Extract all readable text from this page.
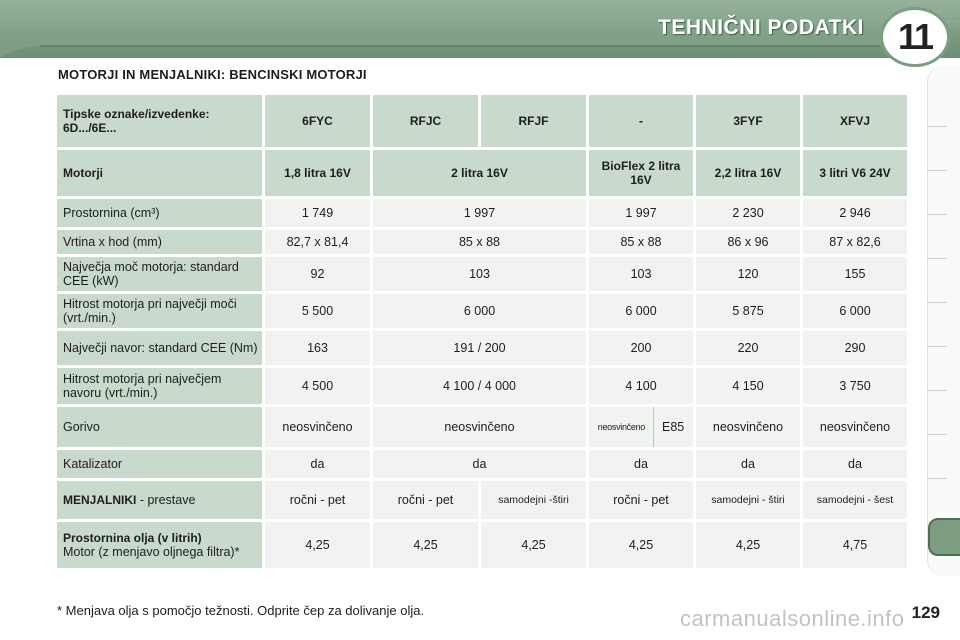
TEHNIČNI PODATKI 11
MOTORJI IN MENJALNIKI: BENCINSKI MOTORJI
Tipske oznake/izvedenke: 6D.../6E...	6FYC	RFJC	RFJF	-	3FYF	XFVJ
Motorji	1,8 litra 16V	2 litra 16V		BioFlex 2 litra 16V	2,2 litra 16V	3 litri V6 24V
Prostornina (cm³)	1 749	1 997		1 997	2 230	2 946
Vrtina x hod (mm)	82,7 x 81,4	85 x 88		85 x 88	86 x 96	87 x 82,6
Največja moč motorja: standard CEE (kW)	92	103		103	120	155
Hitrost motorja pri največji moči (vrt./min.)	5 500	6 000		6 000	5 875	6 000
Največji navor: standard CEE (Nm)	163	191 / 200		200	220	290
Hitrost motorja pri največjem navoru (vrt./min.)	4 500	4 100 / 4 000		4 100	4 150	3 750
Gorivo	neosvinčeno	neosvinčeno		neosvinčeno E85	neosvinčeno	neosvinčeno
Katalizator	da	da		da	da	da
MENJALNIKI - prestave	ročni - pet	ročni - pet	samodejni -štiri	ročni - pet	samodejni - štiri	samodejni - šest

Prostornina olja (v litrih)
Motor (z menjavo oljnega filtra)*	4,25	4,25	4,25	4,25	4,25	4,75
* Menjava olja s pomočjo težnosti. Odprite čep za dolivanje olja.	carmanualsonline.info 129
